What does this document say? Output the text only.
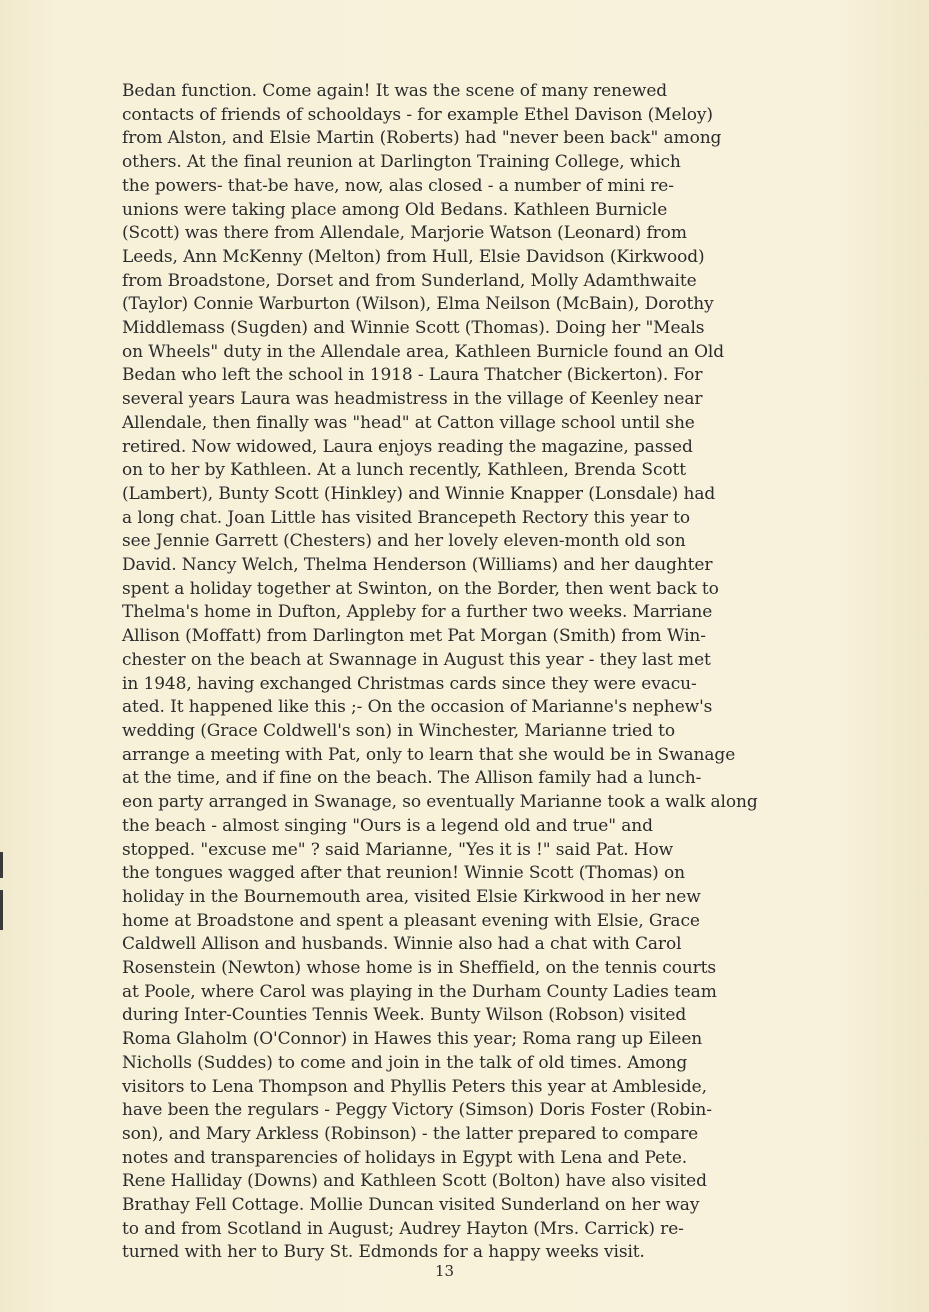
Bedan function. Come again! It was the scene of many renewed
contacts of friends of schooldays - for example Ethel Davison (Meloy)
from Alston, and Elsie Martin (Roberts) had "never been back" among
others. At the final reunion at Darlington Training College, which
the powers- that-be have, now, alas closed - a number of mini re-
unions were taking place among Old Bedans. Kathleen Burnicle
(Scott) was there from Allendale, Marjorie Watson (Leonard) from
Leeds, Ann McKenny (Melton) from Hull, Elsie Davidson (Kirkwood)
from Broadstone, Dorset and from Sunderland, Molly Adamthwaite
(Taylor) Connie Warburton (Wilson), Elma Neilson (McBain), Dorothy
Middlemass (Sugden) and Winnie Scott (Thomas). Doing her "Meals
on Wheels" duty in the Allendale area, Kathleen Burnicle found an Old
Bedan who left the school in 1918 - Laura Thatcher (Bickerton). For
several years Laura was headmistress in the village of Keenley near
Allendale, then finally was "head" at Catton village school until she
retired. Now widowed, Laura enjoys reading the magazine, passed
on to her by Kathleen. At a lunch recently, Kathleen, Brenda Scott
(Lambert), Bunty Scott (Hinkley) and Winnie Knapper (Lonsdale) had
a long chat. Joan Little has visited Brancepeth Rectory this year to
see Jennie Garrett (Chesters) and her lovely eleven-month old son
David. Nancy Welch, Thelma Henderson (Williams) and her daughter
spent a holiday together at Swinton, on the Border, then went back to
Thelma's home in Dufton, Appleby for a further two weeks. Marriane
Allison (Moffatt) from Darlington met Pat Morgan (Smith) from Win-
chester on the beach at Swannage in August this year - they last met
in 1948, having exchanged Christmas cards since they were evacu-
ated. It happened like this ;- On the occasion of Marianne's nephew's
wedding (Grace Coldwell's son) in Winchester, Marianne tried to
arrange a meeting with Pat, only to learn that she would be in Swanage
at the time, and if fine on the beach. The Allison family had a lunch-
eon party arranged in Swanage, so eventually Marianne took a walk along
the beach - almost singing "Ours is a legend old and true" and
stopped. "excuse me" ? said Marianne, "Yes it is !" said Pat. How
the tongues wagged after that reunion! Winnie Scott (Thomas) on
holiday in the Bournemouth area, visited Elsie Kirkwood in her new
home at Broadstone and spent a pleasant evening with Elsie, Grace
Caldwell Allison and husbands. Winnie also had a chat with Carol
Rosenstein (Newton) whose home is in Sheffield, on the tennis courts
at Poole, where Carol was playing in the Durham County Ladies team
during Inter-Counties Tennis Week. Bunty Wilson (Robson) visited
Roma Glaholm (O'Connor) in Hawes this year; Roma rang up Eileen
Nicholls (Suddes) to come and join in the talk of old times. Among
visitors to Lena Thompson and Phyllis Peters this year at Ambleside,
have been the regulars - Peggy Victory (Simson) Doris Foster (Robin-
son), and Mary Arkless (Robinson) - the latter prepared to compare
notes and transparencies of holidays in Egypt with Lena and Pete.
Rene Halliday (Downs) and Kathleen Scott (Bolton) have also visited
Brathay Fell Cottage. Mollie Duncan visited Sunderland on her way
to and from Scotland in August; Audrey Hayton (Mrs. Carrick) re-
turned with her to Bury St. Edmonds for a happy weeks visit.
13
